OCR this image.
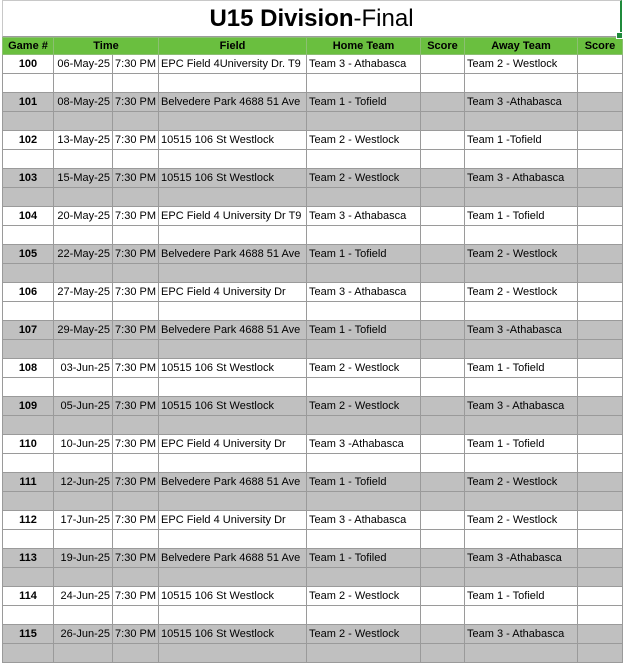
U15 Division -Final
Game #	Time		Field	Home Team	Score	Away Team	Score
100	06-May-25	7:30 PM	EPC Field 4University Dr. T9	Team 3 - Athabasca		Team 2 - Westlock	

101	08-May-25	7:30 PM	Belvedere Park 4688 51 Ave	Team 1 - Tofield		Team 3 -Athabasca	

102	13-May-25	7:30 PM	10515 106 St Westlock	Team 2 - Westlock		Team 1 -Tofield	

103	15-May-25	7:30 PM	10515 106 St Westlock	Team 2 - Westlock		Team 3 - Athabasca	

104	20-May-25	7:30 PM	EPC Field 4 University Dr T9	Team 3 - Athabasca		Team 1 - Tofield	

105	22-May-25	7:30 PM	Belvedere Park 4688 51 Ave	Team 1 - Tofield		Team 2 - Westlock	

106	27-May-25	7:30 PM	EPC Field 4 University Dr	Team 3 - Athabasca		Team 2 - Westlock	

107	29-May-25	7:30 PM	Belvedere Park 4688 51 Ave	Team 1 - Tofield		Team 3 -Athabasca	

108	03-Jun-25	7:30 PM	10515 106 St Westlock	Team 2 - Westlock		Team 1 - Tofield	

109	05-Jun-25	7:30 PM	10515 106 St Westlock	Team 2 - Westlock		Team 3 - Athabasca	

110	10-Jun-25	7:30 PM	EPC Field 4 University Dr	Team 3 -Athabasca		Team 1 - Tofield	

111	12-Jun-25	7:30 PM	Belvedere Park 4688 51 Ave	Team 1 - Tofield		Team 2 - Westlock	

112	17-Jun-25	7:30 PM	EPC Field 4 University Dr	Team 3 - Athabasca		Team 2 - Westlock	

113	19-Jun-25	7:30 PM	Belvedere Park 4688 51 Ave	Team 1 - Tofiled		Team 3 -Athabasca	

114	24-Jun-25	7:30 PM	10515 106 St Westlock	Team 2 - Westlock		Team 1 - Tofield	

115	26-Jun-25	7:30 PM	10515 106 St Westlock	Team 2 - Westlock		Team 3 - Athabasca	
